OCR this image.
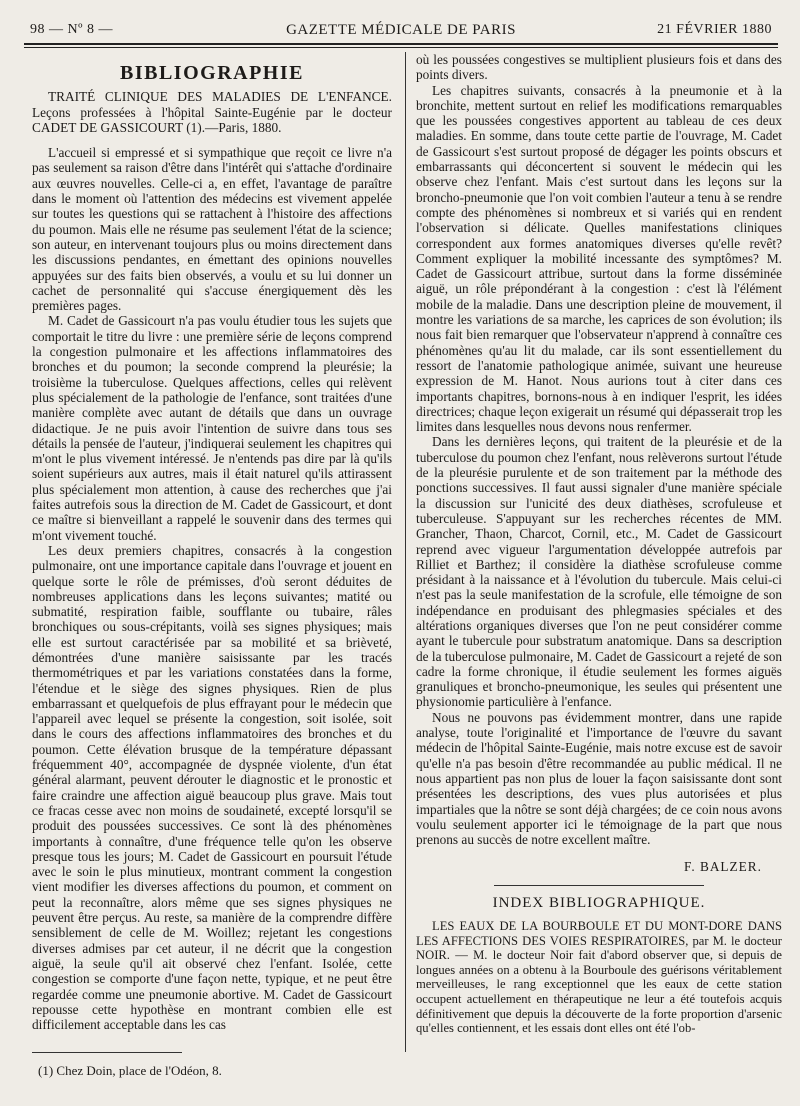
98 — Nº 8 —	GAZETTE MÉDICALE DE PARIS	21 FÉVRIER 1880
BIBLIOGRAPHIE

TRAITÉ CLINIQUE DES MALADIES DE L'ENFANCE. Leçons professées à l'hôpital Sainte-Eugénie par le docteur CADET DE GASSICOURT (1).—Paris, 1880.

L'accueil si empressé et si sympathique que reçoit ce livre n'a pas seulement sa raison d'être dans l'intérêt qui s'attache d'ordinaire aux œuvres nouvelles. Celle-ci a, en effet, l'avantage de paraître dans le moment où l'attention des médecins est vivement appelée sur toutes les questions qui se rattachent à l'histoire des affections du poumon. Mais elle ne résume pas seulement l'état de la science; son auteur, en intervenant toujours plus ou moins directement dans les discussions pendantes, en émettant des opinions nouvelles appuyées sur des faits bien observés, a voulu et su lui donner un cachet de personnalité qui s'accuse énergiquement dès les premières pages.

M. Cadet de Gassicourt n'a pas voulu étudier tous les sujets que comportait le titre du livre : une première série de leçons comprend la congestion pulmonaire et les affections inflammatoires des bronches et du poumon; la seconde comprend la pleurésie; la troisième la tuberculose. Quelques affections, celles qui relèvent plus spécialement de la pathologie de l'enfance, sont traitées d'une manière complète avec autant de détails que dans un ouvrage didactique. Je ne puis avoir l'intention de suivre dans tous ses détails la pensée de l'auteur, j'indiquerai seulement les chapitres qui m'ont le plus vivement intéressé. Je n'entends pas dire par là qu'ils soient supérieurs aux autres, mais il était naturel qu'ils attirassent plus spécialement mon attention, à cause des recherches que j'ai faites autrefois sous la direction de M. Cadet de Gassicourt, et dont ce maître si bienveillant a rappelé le souvenir dans des termes qui m'ont vivement touché.

Les deux premiers chapitres, consacrés à la congestion pulmonaire, ont une importance capitale dans l'ouvrage et jouent en quelque sorte le rôle de prémisses, d'où seront déduites de nombreuses applications dans les leçons suivantes; matité ou submatité, respiration faible, soufflante ou tubaire, râles bronchiques ou sous-crépitants, voilà ses signes physiques; mais elle est surtout caractérisée par sa mobilité et sa brièveté, démontrées d'une manière saisissante par les tracés thermométriques et par les variations constatées dans la forme, l'étendue et le siège des signes physiques. Rien de plus embarrassant et quelquefois de plus effrayant pour le médecin que l'appareil avec lequel se présente la congestion, soit isolée, soit dans le cours des affections inflammatoires des bronches et du poumon. Cette élévation brusque de la température dépassant fréquemment 40°, accompagnée de dyspnée violente, d'un état général alarmant, peuvent dérouter le diagnostic et le pronostic et faire craindre une affection aiguë beaucoup plus grave. Mais tout ce fracas cesse avec non moins de soudaineté, excepté lorsqu'il se produit des poussées successives. Ce sont là des phénomènes importants à connaître, d'une fréquence telle qu'on les observe presque tous les jours; M. Cadet de Gassicourt en poursuit l'étude avec le soin le plus minutieux, montrant comment la congestion vient modifier les diverses affections du poumon, et comment on peut la reconnaître, alors même que ses signes physiques ne peuvent être perçus. Au reste, sa manière de la comprendre diffère sensiblement de celle de M. Woillez; rejetant les congestions diverses admises par cet auteur, il ne décrit que la congestion aiguë, la seule qu'il ait observé chez l'enfant. Isolée, cette congestion se comporte d'une façon nette, typique, et ne peut être regardée comme une pneumonie abortive. M. Cadet de Gassicourt repousse cette hypothèse en montrant combien elle est difficilement acceptable dans les cas

où les poussées congestives se multiplient plusieurs fois et dans des points divers.

Les chapitres suivants, consacrés à la pneumonie et à la bronchite, mettent surtout en relief les modifications remarquables que les poussées congestives apportent au tableau de ces deux maladies. En somme, dans toute cette partie de l'ouvrage, M. Cadet de Gassicourt s'est surtout proposé de dégager les points obscurs et embarrassants qui déconcertent si souvent le médecin qui les observe chez l'enfant. Mais c'est surtout dans les leçons sur la broncho-pneumonie que l'on voit combien l'auteur a tenu à se rendre compte des phénomènes si nombreux et si variés qui en rendent l'observation si délicate. Quelles manifestations cliniques correspondent aux formes anatomiques diverses qu'elle revêt? Comment expliquer la mobilité incessante des symptômes? M. Cadet de Gassicourt attribue, surtout dans la forme disséminée aiguë, un rôle prépondérant à la congestion : c'est là l'élément mobile de la maladie. Dans une description pleine de mouvement, il montre les variations de sa marche, les caprices de son évolution; ils nous fait bien remarquer que l'observateur n'apprend à connaître ces phénomènes qu'au lit du malade, car ils sont essentiellement du ressort de l'anatomie pathologique animée, suivant une heureuse expression de M. Hanot. Nous aurions tout à citer dans ces importants chapitres, bornons-nous à en indiquer l'esprit, les idées directrices; chaque leçon exigerait un résumé qui dépasserait trop les limites dans lesquelles nous devons nous renfermer.

Dans les dernières leçons, qui traitent de la pleurésie et de la tuberculose du poumon chez l'enfant, nous relèverons surtout l'étude de la pleurésie purulente et de son traitement par la méthode des ponctions successives. Il faut aussi signaler d'une manière spéciale la discussion sur l'unicité des deux diathèses, scrofuleuse et tuberculeuse. S'appuyant sur les recherches récentes de MM. Grancher, Thaon, Charcot, Cornil, etc., M. Cadet de Gassicourt reprend avec vigueur l'argumentation développée autrefois par Rilliet et Barthez; il considère la diathèse scrofuleuse comme présidant à la naissance et à l'évolution du tubercule. Mais celui-ci n'est pas la seule manifestation de la scrofule, elle témoigne de son indépendance en produisant des phlegmasies spéciales et des altérations organiques diverses que l'on ne peut considérer comme ayant le tubercule pour substratum anatomique. Dans sa description de la tuberculose pulmonaire, M. Cadet de Gassicourt a rejeté de son cadre la forme chronique, il étudie seulement les formes aiguës granuliques et broncho-pneumonique, les seules qui présentent une physionomie particulière à l'enfance.

Nous ne pouvons pas évidemment montrer, dans une rapide analyse, toute l'originalité et l'importance de l'œuvre du savant médecin de l'hôpital Sainte-Eugénie, mais notre excuse est de savoir qu'elle n'a pas besoin d'être recommandée au public médical. Il ne nous appartient pas non plus de louer la façon saisissante dont sont présentées les descriptions, des vues plus autorisées et plus impartiales que la nôtre se sont déjà chargées; de ce coin nous avons voulu seulement apporter ici le témoignage de la part que nous prenons au succès de notre excellent maître.

F. BALZER.
INDEX BIBLIOGRAPHIQUE.

LES EAUX DE LA BOURBOULE ET DU MONT-DORE DANS LES AFFECTIONS DES VOIES RESPIRATOIRES, par M. le docteur NOIR. — M. le docteur Noir fait d'abord observer que, si depuis de longues années on a obtenu à la Bourboule des guérisons véritablement merveilleuses, le rang exceptionnel que les eaux de cette station occupent actuellement en thérapeutique ne leur a été toutefois acquis définitivement que depuis la découverte de la forte proportion d'arsenic qu'elles contiennent, et les essais dont elles ont été l'ob-

(1) Chez Doin, place de l'Odéon, 8.
